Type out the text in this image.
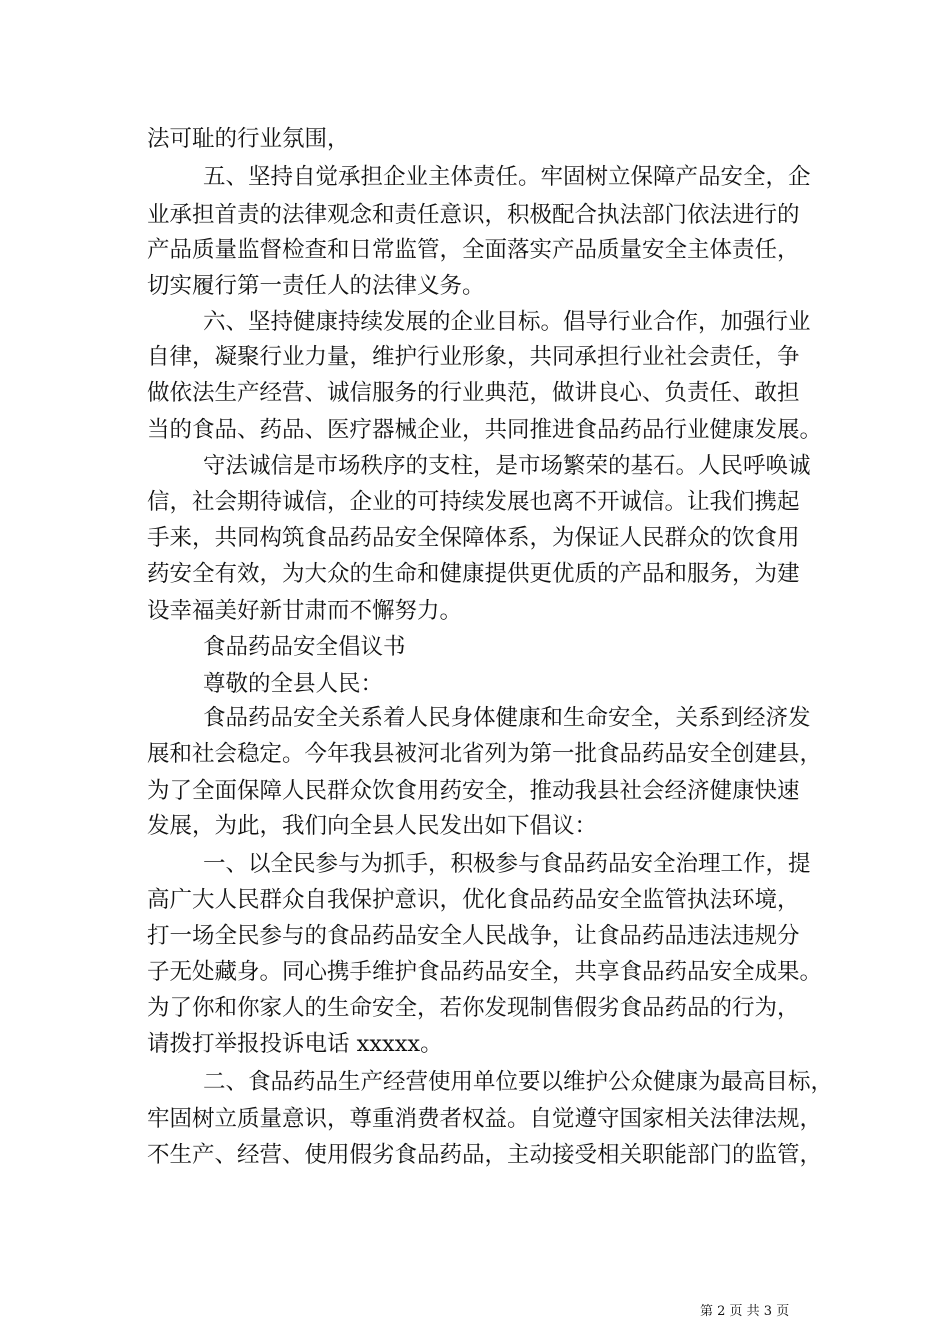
法可耻的行业氛围，
五、坚持自觉承担企业主体责任。牢固树立保障产品安全，企
业承担首责的法律观念和责任意识，积极配合执法部门依法进行的
产品质量监督检查和日常监管，全面落实产品质量安全主体责任，
切实履行第一责任人的法律义务。
六、坚持健康持续发展的企业目标。倡导行业合作，加强行业
自律，凝聚行业力量，维护行业形象，共同承担行业社会责任，争
做依法生产经营、诚信服务的行业典范，做讲良心、负责任、敢担
当的食品、药品、医疗器械企业，共同推进食品药品行业健康发展。
守法诚信是市场秩序的支柱，是市场繁荣的基石。人民呼唤诚
信，社会期待诚信，企业的可持续发展也离不开诚信。让我们携起
手来，共同构筑食品药品安全保障体系，为保证人民群众的饮食用
药安全有效，为大众的生命和健康提供更优质的产品和服务，为建
设幸福美好新甘肃而不懈努力。
食品药品安全倡议书
尊敬的全县人民：
食品药品安全关系着人民身体健康和生命安全，关系到经济发
展和社会稳定。今年我县被河北省列为第一批食品药品安全创建县，
为了全面保障人民群众饮食用药安全，推动我县社会经济健康快速
发展，为此，我们向全县人民发出如下倡议：
一、以全民参与为抓手，积极参与食品药品安全治理工作，提
高广大人民群众自我保护意识，优化食品药品安全监管执法环境，
打一场全民参与的食品药品安全人民战争，让食品药品违法违规分
子无处藏身。同心携手维护食品药品安全，共享食品药品安全成果。
为了你和你家人的生命安全，若你发现制售假劣食品药品的行为，
请拨打举报投诉电话 xxxxx。
二、食品药品生产经营使用单位要以维护公众健康为最高目标，
牢固树立质量意识，尊重消费者权益。自觉遵守国家相关法律法规，
不生产、经营、使用假劣食品药品，主动接受相关职能部门的监管，
第 2 页 共 3 页
